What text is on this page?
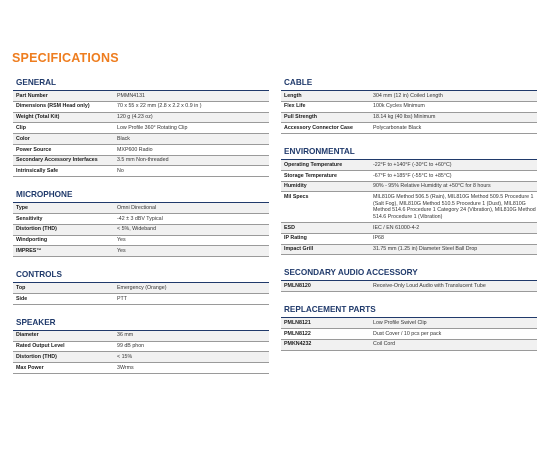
SPECIFICATIONS
GENERAL
Part Number	PMMN4131
Dimensions (RSM Head only)	70 x 55 x 22 mm (2.8 x 2.2 x 0.9 in )
Weight (Total Kit)	120 g (4.23 oz)
Clip	Low Profile 360° Rotating Clip
Color	Black
Power Source	MXP600 Radio
Secondary Accessory Interfaces	3.5 mm Non-threaded
Intrinsically Safe	No
MICROPHONE
Type	Omni Directional
Sensitivity	-42 ± 3 dBV Typical
Distortion (THD)	< 5%, Wideband
Windporting	Yes
IMPRES™	Yes
CONTROLS
Top	Emergency (Orange)
Side	PTT
SPEAKER
Diameter	36 mm
Rated Output Level	99 dB phon
Distortion (THD)	< 15%
Max Power	3Wrms
CABLE
Length	304 mm (12 in) Coiled Length
Flex Life	100k Cycles Minimum
Pull Strength	18.14 kg (40 lbs) Minimum
Accessory Connector Case	Polycarbonate Black
ENVIRONMENTAL
Operating Temperature	-22°F to +140°F (-30°C to +60°C)
Storage Temperature	-67°F to +185°F (-55°C to +85°C)
Humidity	90% - 95% Relative Humidity at +50°C for 8 hours
Mil Specs	MIL810G Method 506.5 (Rain), MIL810G Method 509.5 Procedure 1 (Salt Fog), MIL810G Method 510.5 Procedure 1 (Dust), MIL810G Method 514.6 Procedure 1 Category 24 (Vibration), MIL810G Method 514.6 Procedure 1 (Vibration)
ESD	IEC / EN 61000-4-2
IP Rating	IP68
Impact Grill	31.75 mm (1.25 in) Diameter Steel Ball Drop
SECONDARY AUDIO ACCESSORY
PMLN8120	Receive-Only Loud Audio with Translucent Tube
REPLACEMENT PARTS
PMLN8121	Low Profile Swivel Clip
PMLN8122	Dust Cover / 10 pcs per pack
PMKN4232	Coil Cord
